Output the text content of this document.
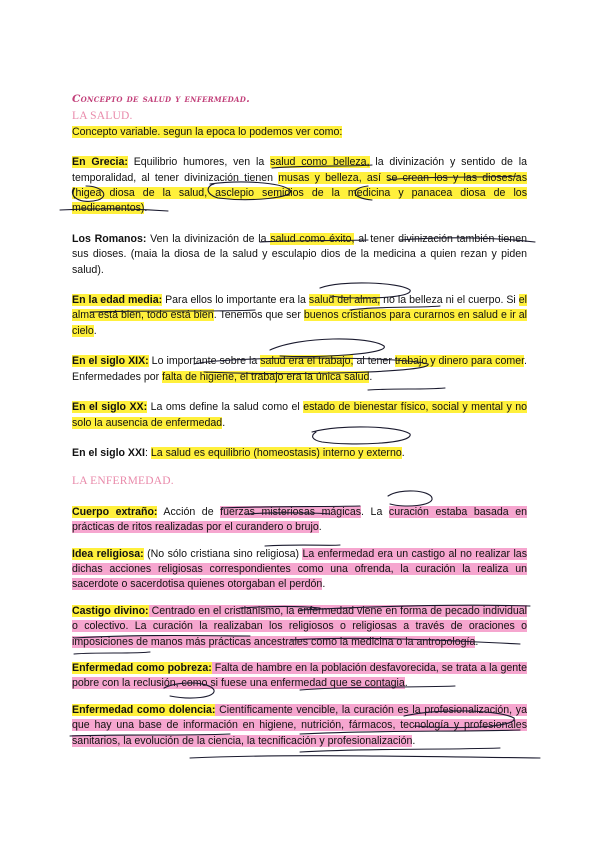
Concepto de salud y enfermedad.

LA SALUD.

Concepto variable. segun la epoca lo podemos ver como:

En Grecia: Equilibrio humores, ven la salud como belleza, la divinización y sentido de la temporalidad, al tener divinización tienen musas y belleza, así se crean los y las dioses/as (higea diosa de la salud, asclepio semidios de la medicina y panacea diosa de los medicamentos).

Los Romanos: Ven la divinización de la salud como éxito, al tener divinización también tienen sus dioses. (maia la diosa de la salud y esculapio dios de la medicina a quien rezan y piden salud).

En la edad media: Para ellos lo importante era la salud del alma, no la belleza ni el cuerpo. Si el alma está bien, todo está bien. Tenemos que ser buenos cristianos para curarnos en salud e ir al cielo.

En el siglo XIX: Lo importante sobre la salud era el trabajo, al tener trabajo y dinero para comer. Enfermedades por falta de higiene, el trabajo era la única salud.

En el siglo XX: La oms define la salud como el estado de bienestar físico, social y mental y no solo la ausencia de enfermedad.

En el siglo XXI: La salud es equilibrio (homeostasis) interno y externo.

LA ENFERMEDAD.

Cuerpo extraño: Acción de fuerzas misteriosas mágicas. La curación estaba basada en prácticas de ritos realizadas por el curandero o brujo.

Idea religiosa: (No sólo cristiana sino religiosa) La enfermedad era un castigo al no realizar las dichas acciones religiosas correspondientes como una ofrenda, la curación la realiza un sacerdote o sacerdotisa quienes otorgaban el perdón.

Castigo divino: Centrado en el cristianismo, la enfermedad viene en forma de pecado individual o colectivo. La curación la realizaban los religiosos o religiosas a través de oraciones o imposiciones de manos más prácticas ancestrales como la medicina o la antropología.

Enfermedad como pobreza: Falta de hambre en la población desfavorecida, se trata a la gente pobre con la reclusión, como si fuese una enfermedad que se contagia.

Enfermedad como dolencia: Científicamente vencible, la curación es la profesionalización, ya que hay una base de información en higiene, nutrición, fármacos, tecnología y profesionales sanitarios, la evolución de la ciencia, la tecnificación y profesionalización.
